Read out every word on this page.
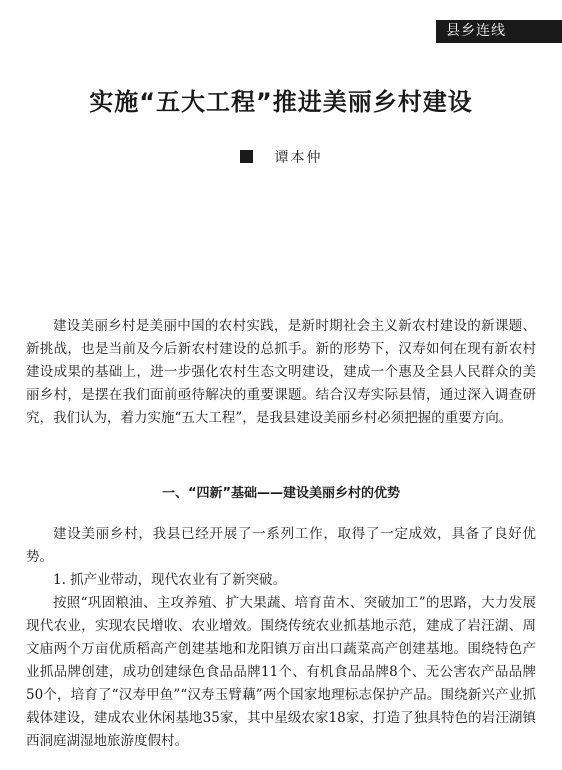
县乡连线
实施“五大工程”推进美丽乡村建设
谭本仲

建设美丽乡村是美丽中国的农村实践，是新时期社会主义新农村建设的新课题、新挑战，也是当前及今后新农村建设的总抓手。新的形势下，汉寿如何在现有新农村建设成果的基础上，进一步强化农村生态文明建设，建成一个惠及全县人民群众的美丽乡村，是摆在我们面前亟待解决的重要课题。结合汉寿实际县情，通过深入调查研究，我们认为，着力实施“五大工程”，是我县建设美丽乡村必须把握的重要方向。

一、“四新”基础——建设美丽乡村的优势

建设美丽乡村，我县已经开展了一系列工作，取得了一定成效，具备了良好优势。

1. 抓产业带动，现代农业有了新突破。

按照“巩固粮油、主攻养殖、扩大果蔬、培育苗木、突破加工”的思路，大力发展现代农业，实现农民增收、农业增效。围绕传统农业抓基地示范，建成了岩汪湖、周文庙两个万亩优质稻高产创建基地和龙阳镇万亩出口蔬菜高产创建基地。围绕特色产业抓品牌创建，成功创建绿色食品品牌11个、有机食品品牌8个、无公害农产品品牌50个，培育了“汉寿甲鱼”“汉寿玉臂藕”两个国家地理标志保护产品。围绕新兴产业抓载体建设，建成农业休闲基地35家，其中星级农家18家，打造了独具特色的岩汪湖镇西洞庭湖湿地旅游度假村。
